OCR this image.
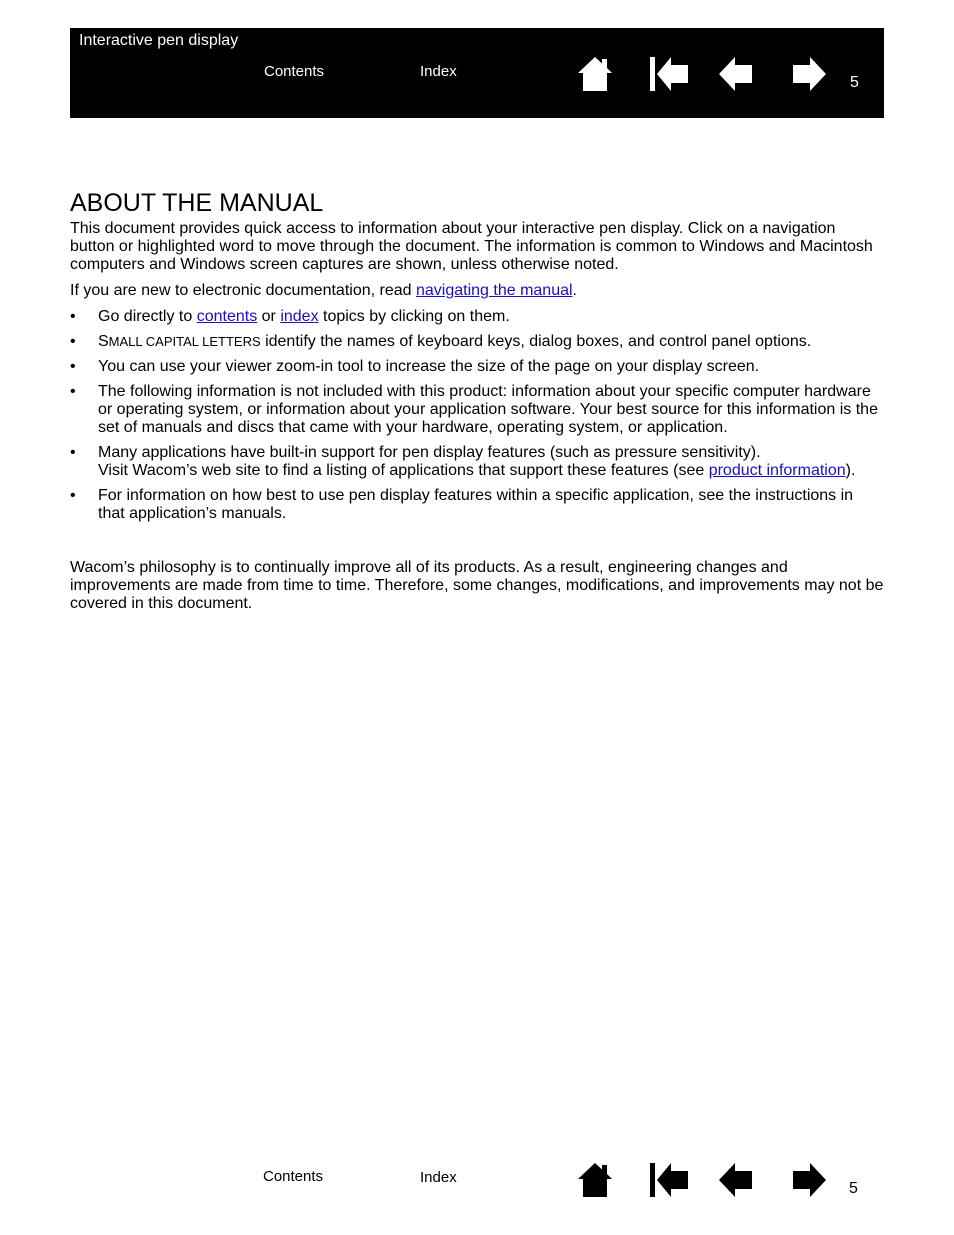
Interactive pen display
Contents	Index
5
ABOUT THE MANUAL

This document provides quick access to information about your interactive pen display. Click on a navigation button or highlighted word to move through the document. The information is common to Windows and Macintosh computers and Windows screen captures are shown, unless otherwise noted.

If you are new to electronic documentation, read navigating the manual.

• Go directly to contents or index topics by clicking on them.
• SMALL CAPITAL LETTERS identify the names of keyboard keys, dialog boxes, and control panel options.
• You can use your viewer zoom-in tool to increase the size of the page on your display screen.
• The following information is not included with this product: information about your specific computer hardware or operating system, or information about your application software. Your best source for this information is the set of manuals and discs that came with your hardware, operating system, or application.
• Many applications have built-in support for pen display features (such as pressure sensitivity).
Visit Wacom’s web site to find a listing of applications that support these features (see product information).
• For information on how best to use pen display features within a specific application, see the instructions in that application’s manuals.

Wacom’s philosophy is to continually improve all of its products. As a result, engineering changes and improvements are made from time to time. Therefore, some changes, modifications, and improvements may not be covered in this document.

Contents	Index
5
